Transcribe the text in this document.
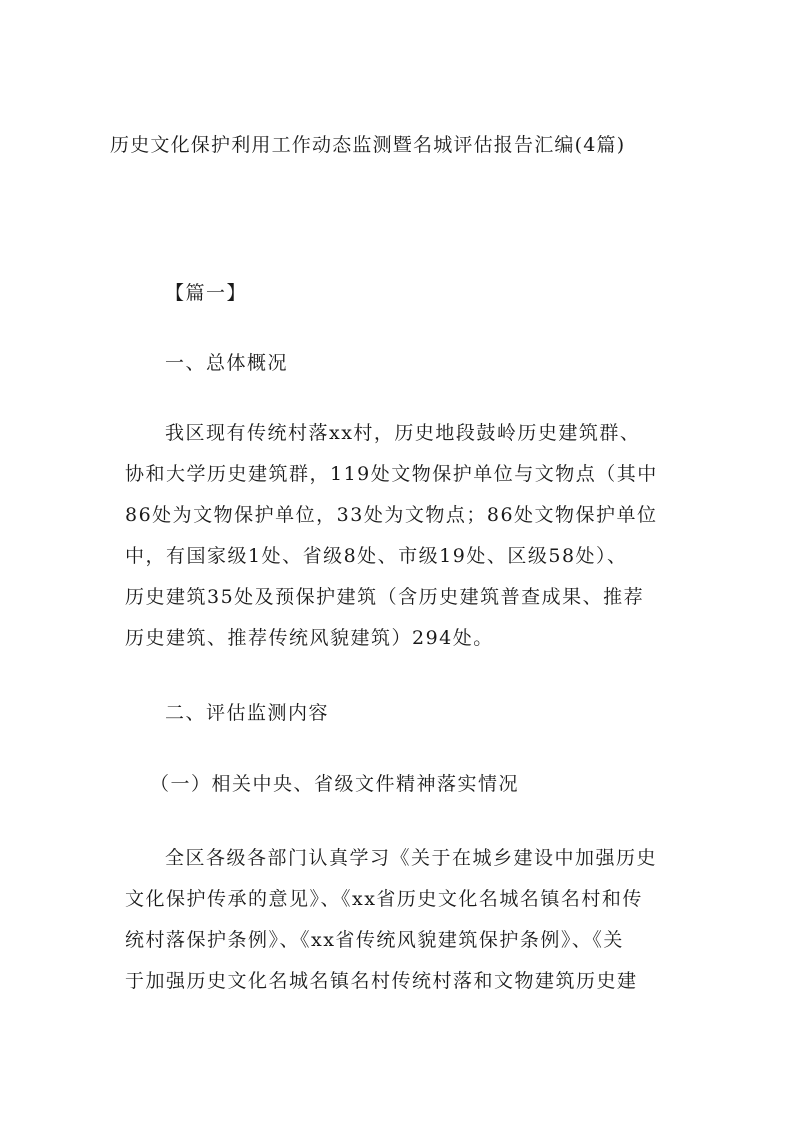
历史文化保护利用工作动态监测暨名城评估报告汇编(4篇)
【篇一】
一、总体概况
我区现有传统村落xx村，历史地段鼓岭历史建筑群、
协和大学历史建筑群，119处文物保护单位与文物点（其中
86处为文物保护单位，33处为文物点；86处文物保护单位
中，有国家级1处、省级8处、市级19处、区级58处）、
历史建筑35处及预保护建筑（含历史建筑普查成果、推荐
历史建筑、推荐传统风貌建筑）294处。
二、评估监测内容
（一）相关中央、省级文件精神落实情况
全区各级各部门认真学习《关于在城乡建设中加强历史
文化保护传承的意见》、《xx省历史文化名城名镇名村和传
统村落保护条例》、《xx省传统风貌建筑保护条例》、《关
于加强历史文化名城名镇名村传统村落和文物建筑历史建
